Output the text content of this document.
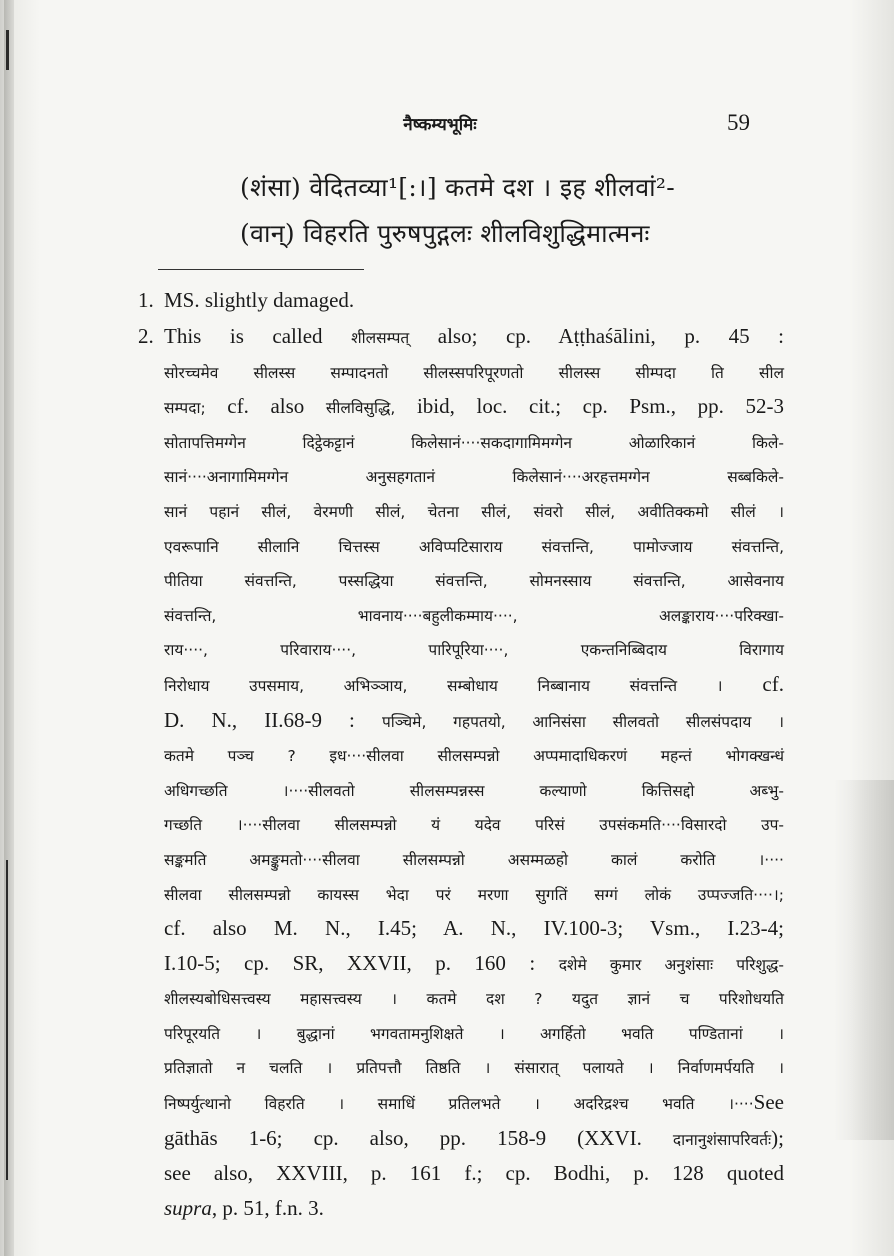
नैष्कम्यभूमिः	59
(शंसा) वेदितव्या¹[:।] कतमे दश । इह शीलवां²-
(वान्) विहरति पुरुषपुद्गलः शीलविशुद्धिमात्मनः
1. MS. slightly damaged.
2. This is called शीलसम्पत् also; cp. Aṭṭhaśālini, p. 45 :

सोरच्चमेव सीलस्स सम्पादनतो सीलस्सपरिपूरणतो सीलस्स सीम्पदा ति सील

सम्पदा; cf. also सीलविसुद्धि, ibid, loc. cit.; cp. Psm., pp. 52-3

सोतापत्तिमग्गेन दिट्ठेकट्टानं किलेसानं····सकदागामिमग्गेन ओळारिकानं किले-

सानं····अनागामिमग्गेन अनुसहगतानं किलेसानं····अरहत्तमग्गेन सब्बकिले-

सानं पहानं सीलं, वेरमणी सीलं, चेतना सीलं, संवरो सीलं, अवीतिक्कमो सीलं ।

एवरूपानि सीलानि चित्तस्स अविप्पटिसाराय संवत्तन्ति, पामोज्जाय संवत्तन्ति,

पीतिया संवत्तन्ति, पस्सद्धिया संवत्तन्ति, सोमनस्साय संवत्तन्ति, आसेवनाय

संवत्तन्ति, भावनाय····बहुलीकम्माय····, अलङ्काराय····परिक्खा-

राय····, परिवाराय····, पारिपूरिया····, एकन्तनिब्बिदाय विरागाय

निरोधाय उपसमाय, अभिञ्ञाय, सम्बोधाय निब्बानाय संवत्तन्ति । cf.

D. N., II.68-9 : पञ्चिमे, गहपतयो, आनिसंसा सीलवतो सीलसंपदाय ।

कतमे पञ्च ? इध····सीलवा सीलसम्पन्नो अप्पमादाधिकरणं महन्तं भोगक्खन्धं

अधिगच्छति ।····सीलवतो सीलसम्पन्नस्स कल्याणो कित्तिसद्दो अब्भु-

गच्छति ।····सीलवा सीलसम्पन्नो यं यदेव परिसं उपसंकमति····विसारदो उप-

सङ्कमति अमङ्कुमतो····सीलवा सीलसम्पन्नो असम्मळहो कालं करोति ।····

सीलवा सीलसम्पन्नो कायस्स भेदा परं मरणा सुगतिं सग्गं लोकं उप्पज्जति····।;

cf. also M. N., I.45; A. N., IV.100-3; Vsm., I.23-4;

I.10-5; cp. SR, XXVII, p. 160 : दशेमे कुमार अनुशंसाः परिशुद्ध-

शीलस्यबोधिसत्त्वस्य महासत्त्वस्य । कतमे दश ? यदुत ज्ञानं च परिशोधयति

परिपूरयति । बुद्धानां भगवतामनुशिक्षते । अगर्हितो भवति पण्डितानां ।

प्रतिज्ञातो न चलति । प्रतिपत्तौ तिष्ठति । संसारात् पलायते । निर्वाणमर्पयति ।

निष्पर्युत्थानो विहरति । समाधिं प्रतिलभते । अदरिद्रश्च भवति ।····See

gāthās 1-6; cp. also, pp. 158-9 (XXVI. दानानुशंसापरिवर्तः);

see also, XXVIII, p. 161 f.; cp. Bodhi, p. 128 quoted

supra, p. 51, f.n. 3.
